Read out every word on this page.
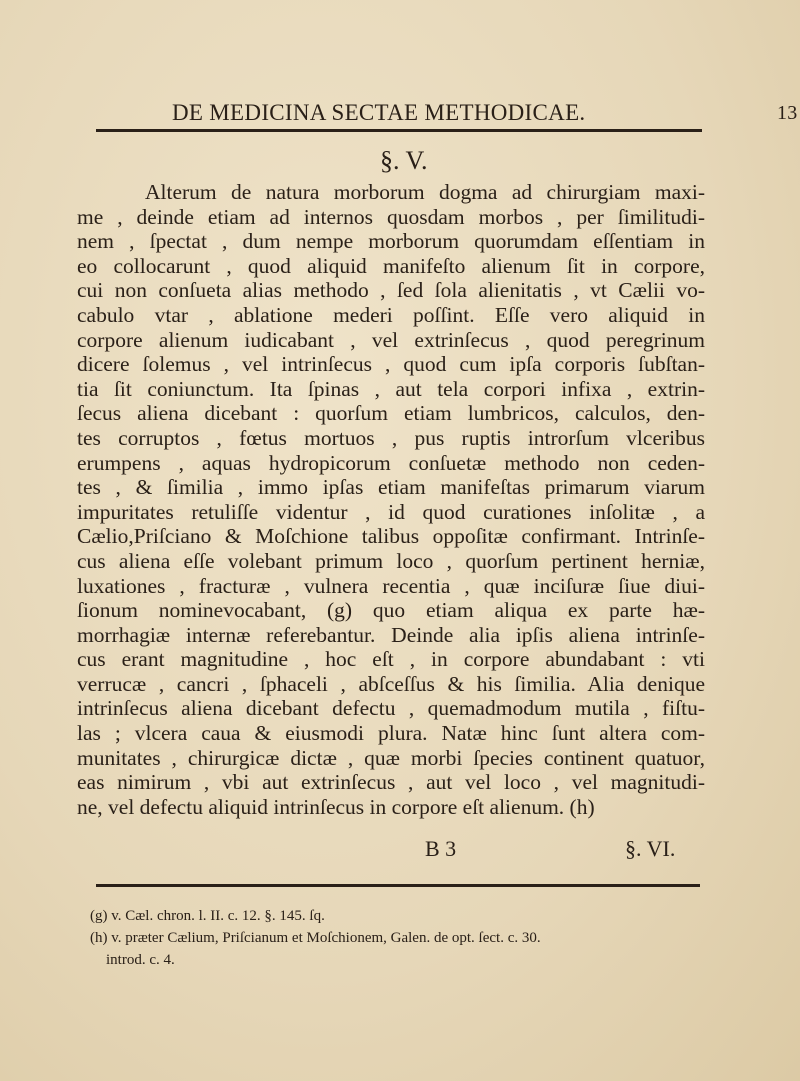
DE MEDICINA SECTAE METHODICAE.	13
§. V.
Alterum de natura morborum dogma ad chirurgiam maxi-
me , deinde etiam ad internos quosdam morbos , per ſimilitudi-
nem , ſpectat , dum nempe morborum quorumdam eſſentiam in
eo collocarunt , quod aliquid manifeſto alienum ſit in corpore,
cui non conſueta alias methodo , ſed ſola alienitatis , vt Cælii vo-
cabulo vtar , ablatione mederi poſſint. Eſſe vero aliquid in
corpore alienum iudicabant , vel extrinſecus , quod peregrinum
dicere ſolemus , vel intrinſecus , quod cum ipſa corporis ſubſtan-
tia ſit coniunctum. Ita ſpinas , aut tela corpori infixa , extrin-
ſecus aliena dicebant : quorſum etiam lumbricos, calculos, den-
tes corruptos , fœtus mortuos , pus ruptis introrſum vlceribus
erumpens , aquas hydropicorum conſuetæ methodo non ceden-
tes , & ſimilia , immo ipſas etiam manifeſtas primarum viarum
impuritates retuliſſe videntur , id quod curationes inſolitæ , a
Cælio,Priſciano & Moſchione talibus oppoſitæ confirmant. Intrinſe-
cus aliena eſſe volebant primum loco , quorſum pertinent herniæ,
luxationes , fracturæ , vulnera recentia , quæ inciſuræ ſiue diui-
ſionum nominevocabant, (g) quo etiam aliqua ex parte hæ-
morrhagiæ internæ referebantur. Deinde alia ipſis aliena intrinſe-
cus erant magnitudine , hoc eſt , in corpore abundabant : vti
verrucæ , cancri , ſphaceli , abſceſſus & his ſimilia. Alia denique
intrinſecus aliena dicebant defectu , quemadmodum mutila , fiſtu-
las ; vlcera caua & eiusmodi plura. Natæ hinc ſunt altera com-
munitates , chirurgicæ dictæ , quæ morbi ſpecies continent quatuor,
eas nimirum , vbi aut extrinſecus , aut vel loco , vel magnitudi-
ne, vel defectu aliquid intrinſecus in corpore eſt alienum. (h)
B 3	§. VI.
(g) v. Cæl. chron. l. II. c. 12. §. 145. ſq.
(h) v. præter Cælium, Priſcianum et Moſchionem, Galen. de opt. ſect. c. 30.
introd. c. 4.
